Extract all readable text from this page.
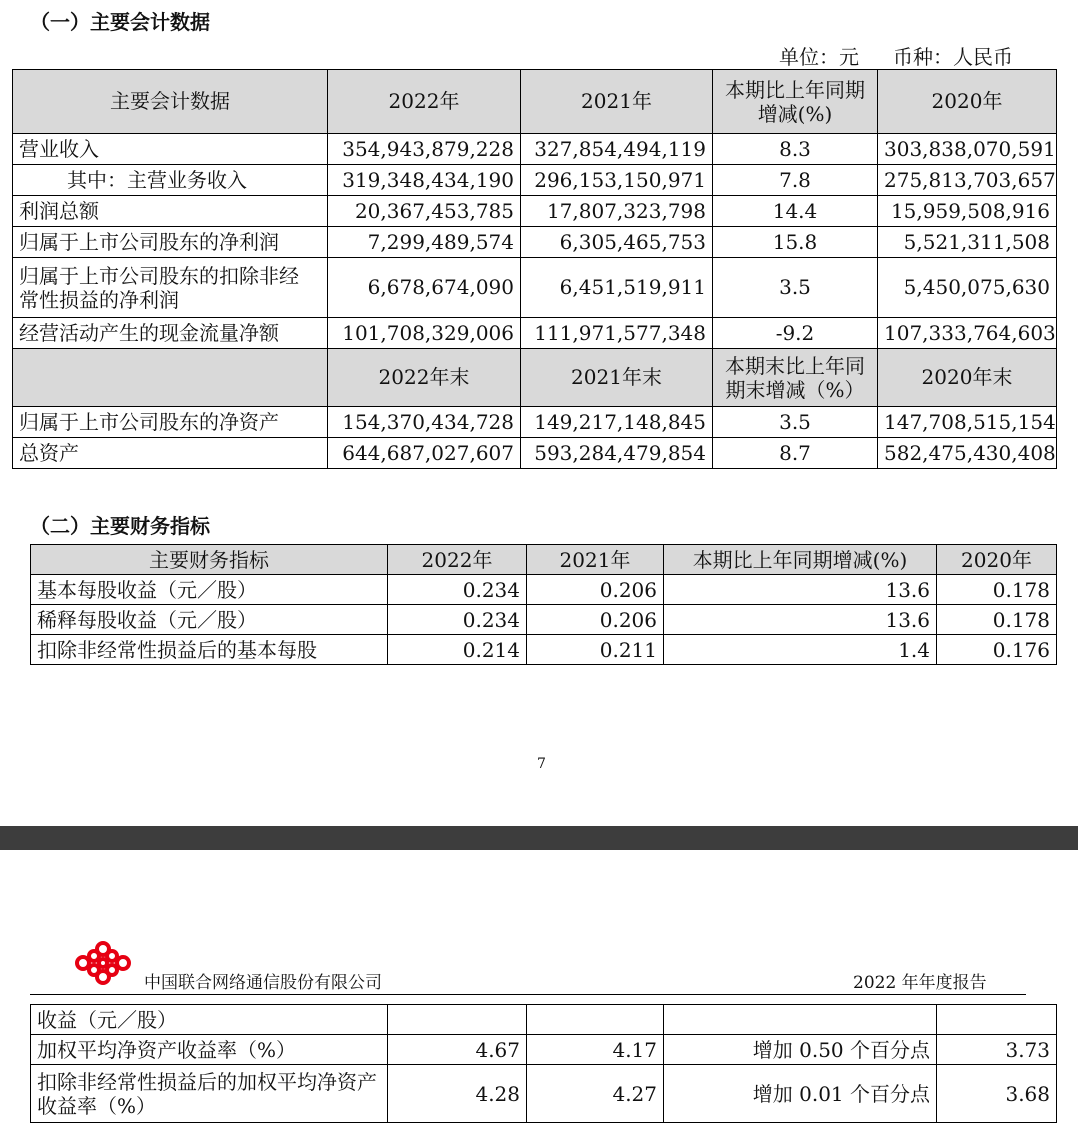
（一）主要会计数据
单位：元 币种：人民币
主要会计数据	2022年	2021年	本期比上年同期增减(%)	2020年
营业收入	354,943,879,228	327,854,494,119	8.3	303,838,070,591
其中：主营业务收入	319,348,434,190	296,153,150,971	7.8	275,813,703,657
利润总额	20,367,453,785	17,807,323,798	14.4	15,959,508,916
归属于上市公司股东的净利润	7,299,489,574	6,305,465,753	15.8	5,521,311,508
归属于上市公司股东的扣除非经常性损益的净利润	6,678,674,090	6,451,519,911	3.5	5,450,075,630
经营活动产生的现金流量净额	101,708,329,006	111,971,577,348	-9.2	107,333,764,603
	2022年末	2021年末	本期末比上年同期末增减（%）	2020年末
归属于上市公司股东的净资产	154,370,434,728	149,217,148,845	3.5	147,708,515,154
总资产	644,687,027,607	593,284,479,854	8.7	582,475,430,408
（二）主要财务指标
主要财务指标	2022年	2021年	本期比上年同期增减(%)	2020年
基本每股收益（元／股）	0.234	0.206	13.6	0.178
稀释每股收益（元／股）	0.234	0.206	13.6	0.178
扣除非经常性损益后的基本每股	0.214	0.211	1.4	0.176
7
中国联合网络通信股份有限公司	2022 年年度报告
收益（元／股）				
加权平均净资产收益率（%）	4.67	4.17	增加 0.50 个百分点	3.73
扣除非经常性损益后的加权平均净资产收益率（%）	4.28	4.27	增加 0.01 个百分点	3.68
